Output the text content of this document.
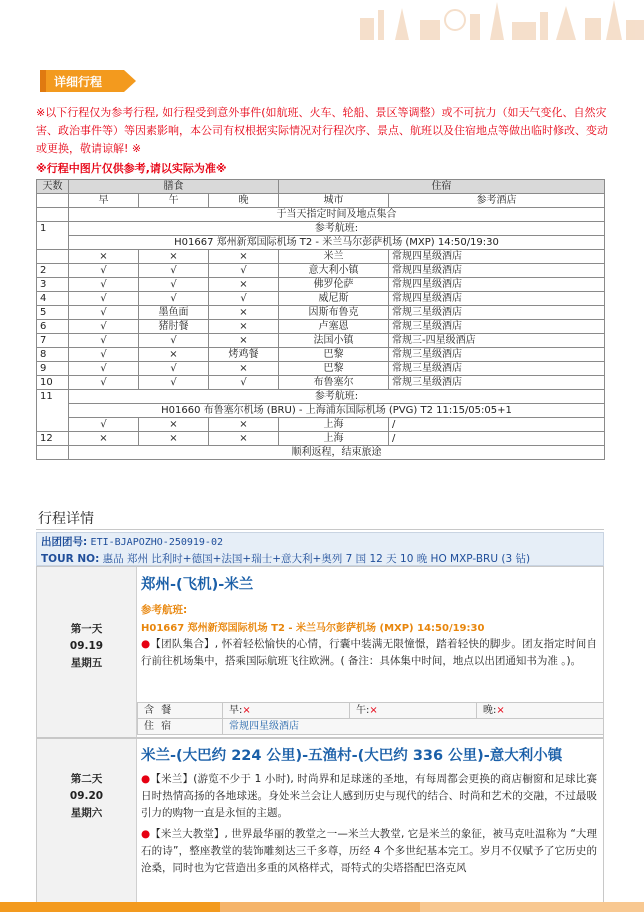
详细行程
※以下行程仅为参考行程, 如行程受到意外事件(如航班、火车、轮船、景区等调整）或不可抗力（如天气变化、自然灾害、政治事件等）等因素影响，本公司有权根据实际情况对行程次序、景点、航班以及住宿地点等做出临时修改、变动或更换，敬请谅解! ※
※行程中图片仅供参考,请以实际为准※
天数	膳食			住宿	
	早	午	晚	城市	参考酒店
	于当天指定时间及地点集合				
1	参考航班:				
	H01667 郑州新郑国际机场 T2 - 米兰马尔彭萨机场 (MXP) 14:50/19:30				
	×	×	×	米兰	常规四星级酒店
2	√	√	√	意大利小镇	常规四星级酒店
3	√	√	×	佛罗伦萨	常规四星级酒店
4	√	√	√	威尼斯	常规四星级酒店
5	√	墨鱼面	×	因斯布鲁克	常规三星级酒店
6	√	猪肘餐	×	卢塞恩	常规三星级酒店
7	√	√	×	法国小镇	常规三-四星级酒店
8	√	×	烤鸡餐	巴黎	常规三星级酒店
9	√	√	×	巴黎	常规三星级酒店
10	√	√	√	布鲁塞尔	常规三星级酒店
11	参考航班:				
	H01660 布鲁塞尔机场 (BRU) - 上海浦东国际机场 (PVG) T2 11:15/05:05+1				
	√	×	×	上海	/
12	×	×	×	上海	/
	顺利返程，结束旅途				
行程详情
出团团号: ETI-BJAPOZHO-250919-02
TOUR NO: 惠品 郑州 比利时+德国+法国+瑞士+意大利+奥列 7 国 12 天 10 晚 HO MXP-BRU (3 钻)
第一天
09.19
星期五
郑州-(飞机)-米兰
参考航班:
H01667 郑州新郑国际机场 T2 - 米兰马尔彭萨机场 (MXP) 14:50/19:30
●【团队集合】, 怀着轻松愉快的心情，行囊中装满无限憧憬，踏着轻快的脚步。团友指定时间自行前往机场集中，搭乘国际航班飞往欧洲。( 备注：具体集中时间，地点以出团通知书为准 。)。
含 餐	早:×	午:×	晚:×
住 宿	常规四星级酒店		
第二天
09.20
星期六
米兰-(大巴约 224 公里)-五渔村-(大巴约 336 公里)-意大利小镇
●【米兰】(游览不少于 1 小时), 时尚界和足球迷的圣地，有每周都会更换的商店橱窗和足球比赛日时热情高扬的各地球迷。身处米兰会让人感到历史与现代的结合、时尚和艺术的交融，不过最吸引力的购物一直是永恒的主题。
●【米兰大教堂】, 世界最华丽的教堂之一—米兰大教堂, 它是米兰的象征，被马克吐温称为 “大理石的诗”，整座教堂的装饰雕刻达三千多尊，历经 4 个多世纪基本完工。岁月不仅赋予了它历史的沧桑，同时也为它营造出多重的风格样式，哥特式的尖塔搭配巴洛克风
